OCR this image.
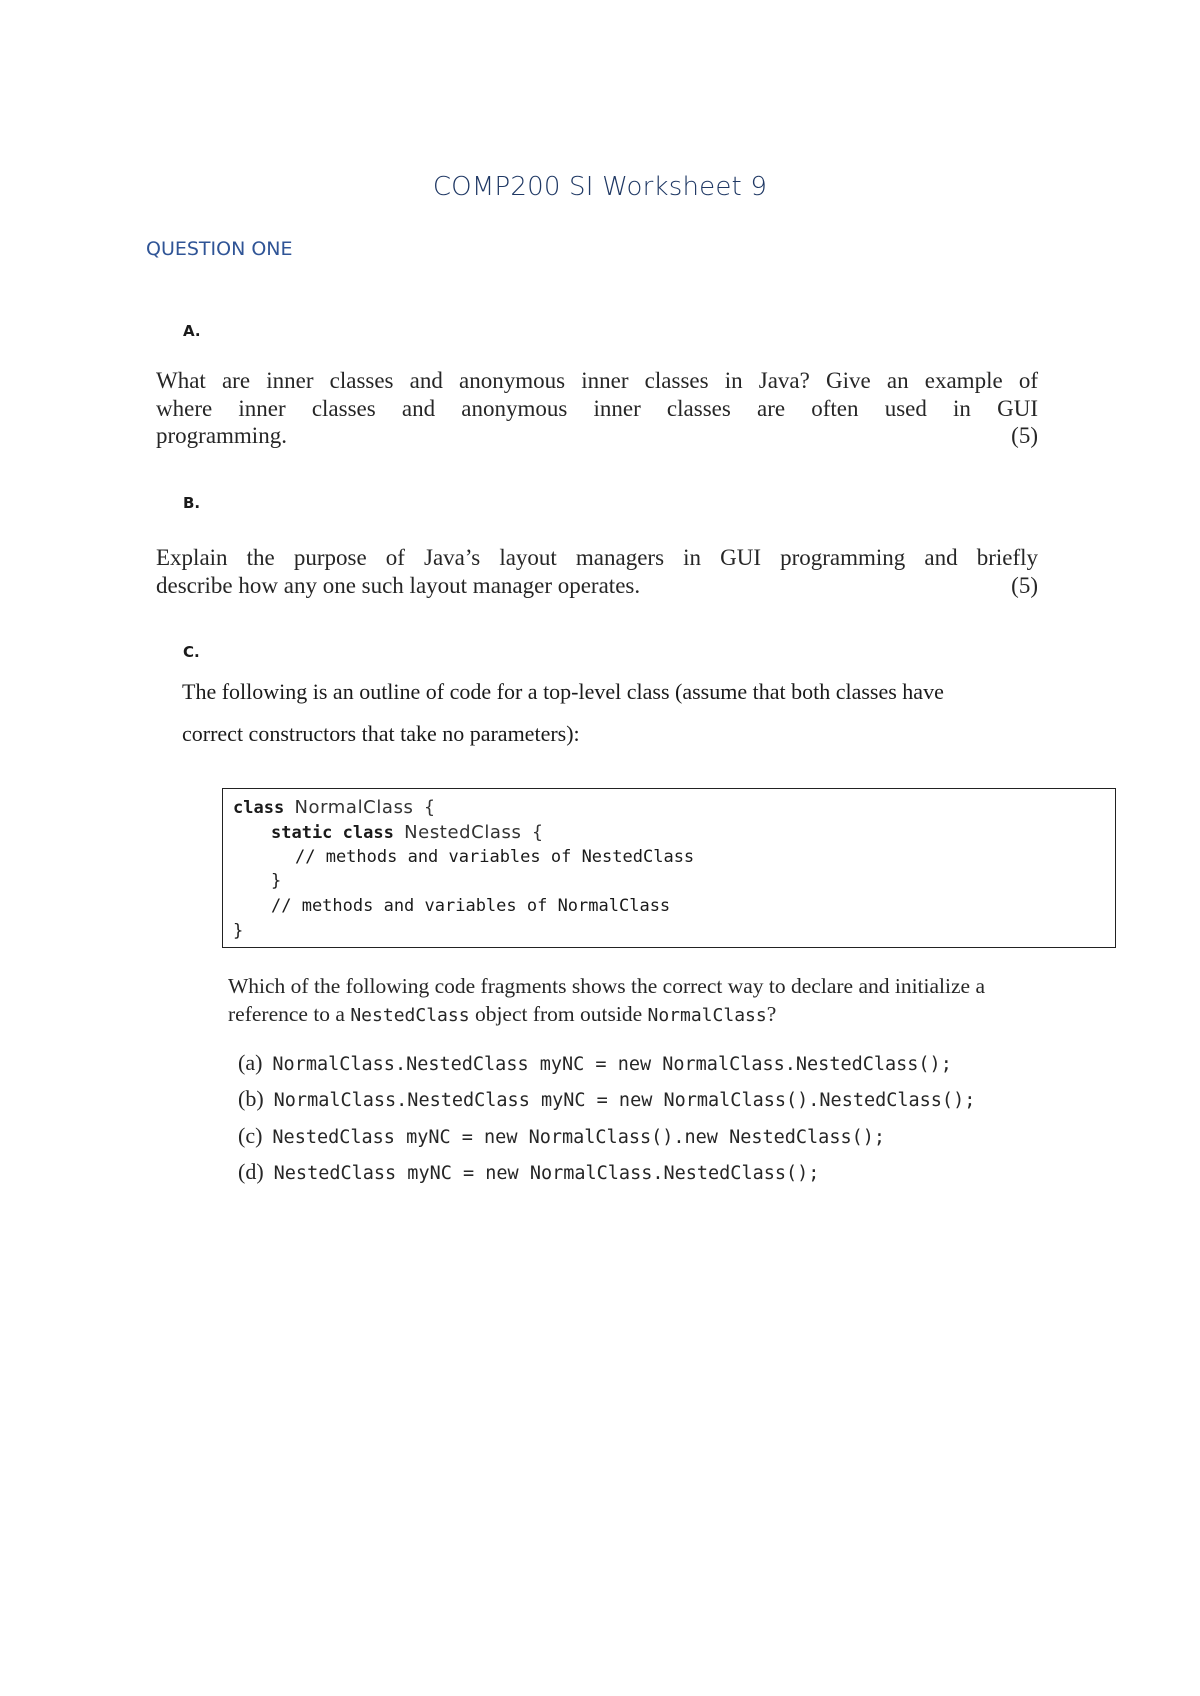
COMP200 SI Worksheet 9
QUESTION ONE
A.
What are inner classes and anonymous inner classes in Java? Give an example of
where inner classes and anonymous inner classes are often used in GUI
programming.	(5)
B.
Explain the purpose of Java’s layout managers in GUI programming and briefly
describe how any one such layout manager operates.	(5)
C.
The following is an outline of code for a top-level class (assume that both classes have
correct constructors that take no parameters):
class NormalClass {
static class NestedClass {
// methods and variables of NestedClass
}
// methods and variables of NormalClass
}
Which of the following code fragments shows the correct way to declare and initialize a
reference to a NestedClass object from outside NormalClass?
(a) NormalClass.NestedClass myNC = new NormalClass.NestedClass();
(b) NormalClass.NestedClass myNC = new NormalClass().NestedClass();
(c) NestedClass myNC = new NormalClass().new NestedClass();
(d) NestedClass myNC = new NormalClass.NestedClass();
